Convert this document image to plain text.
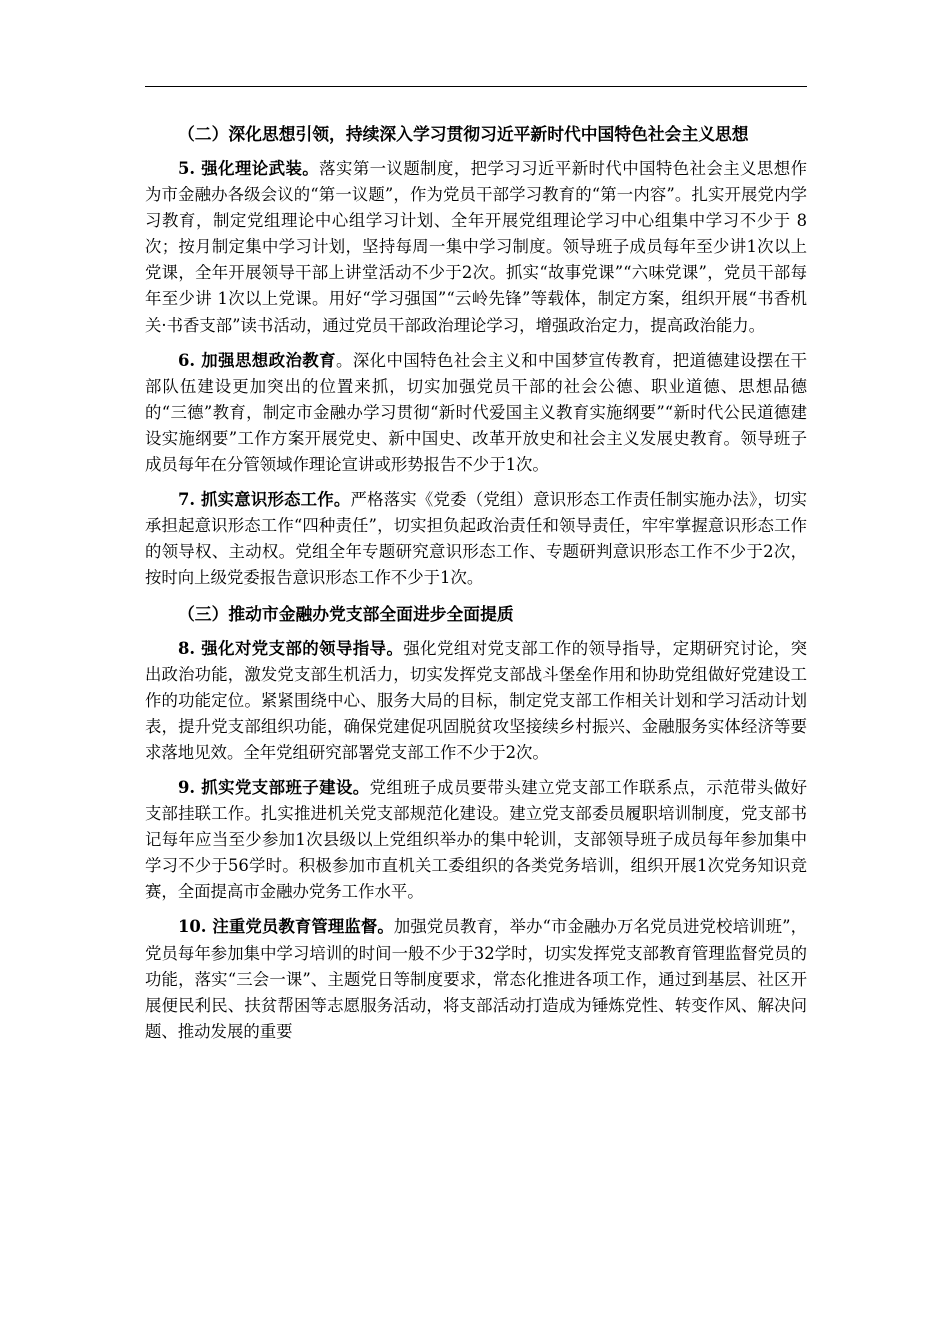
（二）深化思想引领，持续深入学习贯彻习近平新时代中国特色社会主义思想

5. 强化理论武装。落实第一议题制度，把学习习近平新时代中国特色社会主义思想作为市金融办各级会议的“第一议题”，作为党员干部学习教育的“第一内容”。扎实开展党内学习教育，制定党组理论中心组学习计划、全年开展党组理论学习中心组集中学习不少于 8次；按月制定集中学习计划，坚持每周一集中学习制度。领导班子成员每年至少讲1次以上党课，全年开展领导干部上讲堂活动不少于2次。抓实“故事党课”“六味党课”，党员干部每年至少讲 1次以上党课。用好“学习强国”“云岭先锋”等载体，制定方案，组织开展“书香机关·书香支部”读书活动，通过党员干部政治理论学习，增强政治定力，提高政治能力。

6. 加强思想政治教育。深化中国特色社会主义和中国梦宣传教育，把道德建设摆在干部队伍建设更加突出的位置来抓，切实加强党员干部的社会公德、职业道德、思想品德的“三德”教育，制定市金融办学习贯彻“新时代爱国主义教育实施纲要”“新时代公民道德建设实施纲要”工作方案开展党史、新中国史、改革开放史和社会主义发展史教育。领导班子成员每年在分管领域作理论宣讲或形势报告不少于1次。

7. 抓实意识形态工作。严格落实《党委（党组）意识形态工作责任制实施办法》，切实承担起意识形态工作“四种责任”，切实担负起政治责任和领导责任，牢牢掌握意识形态工作的领导权、主动权。党组全年专题研究意识形态工作、专题研判意识形态工作不少于2次，按时向上级党委报告意识形态工作不少于1次。

（三）推动市金融办党支部全面进步全面提质

8. 强化对党支部的领导指导。强化党组对党支部工作的领导指导，定期研究讨论，突出政治功能，激发党支部生机活力，切实发挥党支部战斗堡垒作用和协助党组做好党建设工作的功能定位。紧紧围绕中心、服务大局的目标，制定党支部工作相关计划和学习活动计划表，提升党支部组织功能，确保党建促巩固脱贫攻坚接续乡村振兴、金融服务实体经济等要求落地见效。全年党组研究部署党支部工作不少于2次。

9. 抓实党支部班子建设。党组班子成员要带头建立党支部工作联系点，示范带头做好支部挂联工作。扎实推进机关党支部规范化建设。建立党支部委员履职培训制度，党支部书记每年应当至少参加1次县级以上党组织举办的集中轮训，支部领导班子成员每年参加集中学习不少于56学时。积极参加市直机关工委组织的各类党务培训，组织开展1次党务知识竞赛，全面提高市金融办党务工作水平。

10. 注重党员教育管理监督。加强党员教育，举办“市金融办万名党员进党校培训班”，党员每年参加集中学习培训的时间一般不少于32学时，切实发挥党支部教育管理监督党员的功能，落实“三会一课”、主题党日等制度要求，常态化推进各项工作，通过到基层、社区开展便民利民、扶贫帮困等志愿服务活动，将支部活动打造成为锤炼党性、转变作风、解决问题、推动发展的重要
